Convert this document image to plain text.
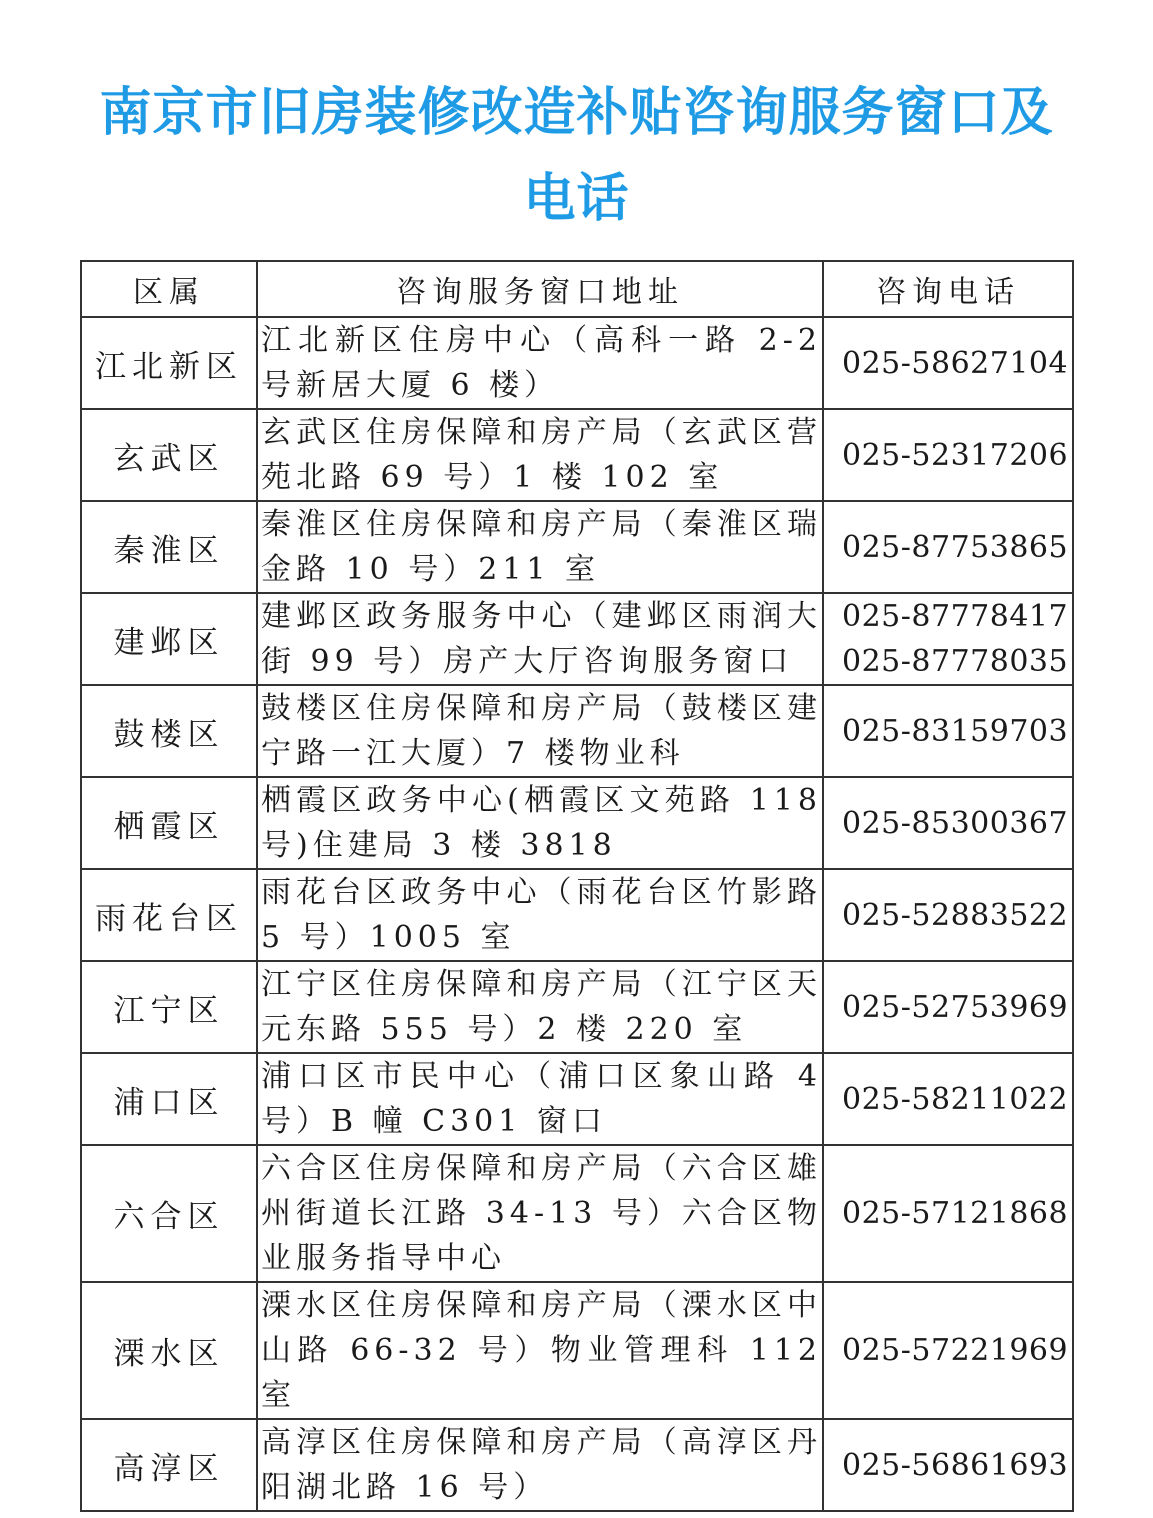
南京市旧房装修改造补贴咨询服务窗口及
电话
区属	咨询服务窗口地址	咨询电话
江北新区	江北新区住房中心（高科一路 2-2 号新居大厦 6 楼）	025-58627104

玄武区	玄武区住房保障和房产局（玄武区营苑北路 69 号）1 楼 102 室	025-52317206

秦淮区	秦淮区住房保障和房产局（秦淮区瑞金路 10 号）211 室	025-87753865

建邺区	建邺区政务服务中心（建邺区雨润大街 99 号）房产大厅咨询服务窗口	025-87778417
025-87778035

鼓楼区	鼓楼区住房保障和房产局（鼓楼区建宁路一江大厦）7 楼物业科	025-83159703

栖霞区	栖霞区政务中心(栖霞区文苑路 118 号)住建局 3 楼 3818	025-85300367

雨花台区	雨花台区政务中心（雨花台区竹影路 5 号）1005 室	025-52883522

江宁区	江宁区住房保障和房产局（江宁区天元东路 555 号）2 楼 220 室	025-52753969

浦口区	浦口区市民中心（浦口区象山路 4 号）B 幢 C301 窗口	025-58211022

六合区	六合区住房保障和房产局（六合区雄州街道长江路 34-13 号）六合区物业服务指导中心	025-57121868

溧水区	溧水区住房保障和房产局（溧水区中山路 66-32 号）物业管理科 112 室	025-57221969

高淳区	高淳区住房保障和房产局（高淳区丹阳湖北路 16 号）	025-56861693
